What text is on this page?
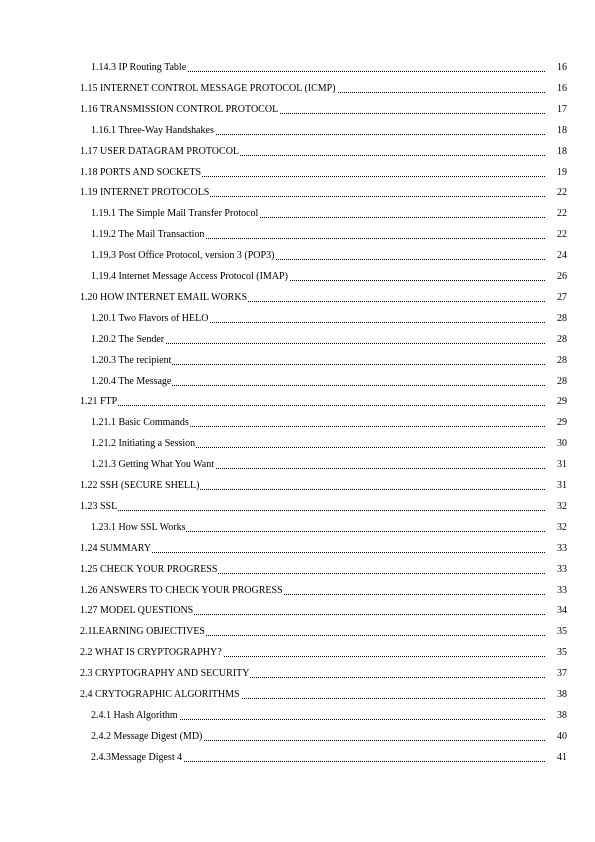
1.14.3 IP Routing Table	16
1.15 INTERNET CONTROL MESSAGE PROTOCOL (ICMP)	16
1.16 TRANSMISSION CONTROL PROTOCOL	17
1.16.1 Three-Way Handshakes	18
1.17 USER DATAGRAM PROTOCOL	18
1.18 PORTS AND SOCKETS	19
1.19 INTERNET PROTOCOLS	22
1.19.1 The Simple Mail Transfer Protocol	22
1.19.2 The Mail Transaction	22
1.19.3 Post Office Protocol, version 3 (POP3)	24
1.19.4 Internet Message Access Protocol (IMAP)	26
1.20 HOW INTERNET EMAIL WORKS	27
1.20.1 Two Flavors of HELO	28
1.20.2 The Sender	28
1.20.3 The recipient	28
1.20.4 The Message	28
1.21 FTP	29
1.21.1 Basic Commands	29
1.21.2 Initiating a Session	30
1.21.3 Getting What You Want	31
1.22 SSH (SECURE SHELL)	31
1.23 SSL	32
1.23.1 How SSL Works	32
1.24 SUMMARY	33
1.25 CHECK YOUR PROGRESS	33
1.26 ANSWERS TO CHECK YOUR PROGRESS	33
1.27 MODEL QUESTIONS	34
2.1LEARNING OBJECTIVES	35
2.2 WHAT IS CRYPTOGRAPHY?	35
2.3 CRYPTOGRAPHY AND SECURITY	37
2.4 CRYTOGRAPHIC ALGORITHMS	38
2.4.1 Hash Algorithm	38
2.4.2 Message Digest (MD)	40
2.4.3Message Digest 4	41
